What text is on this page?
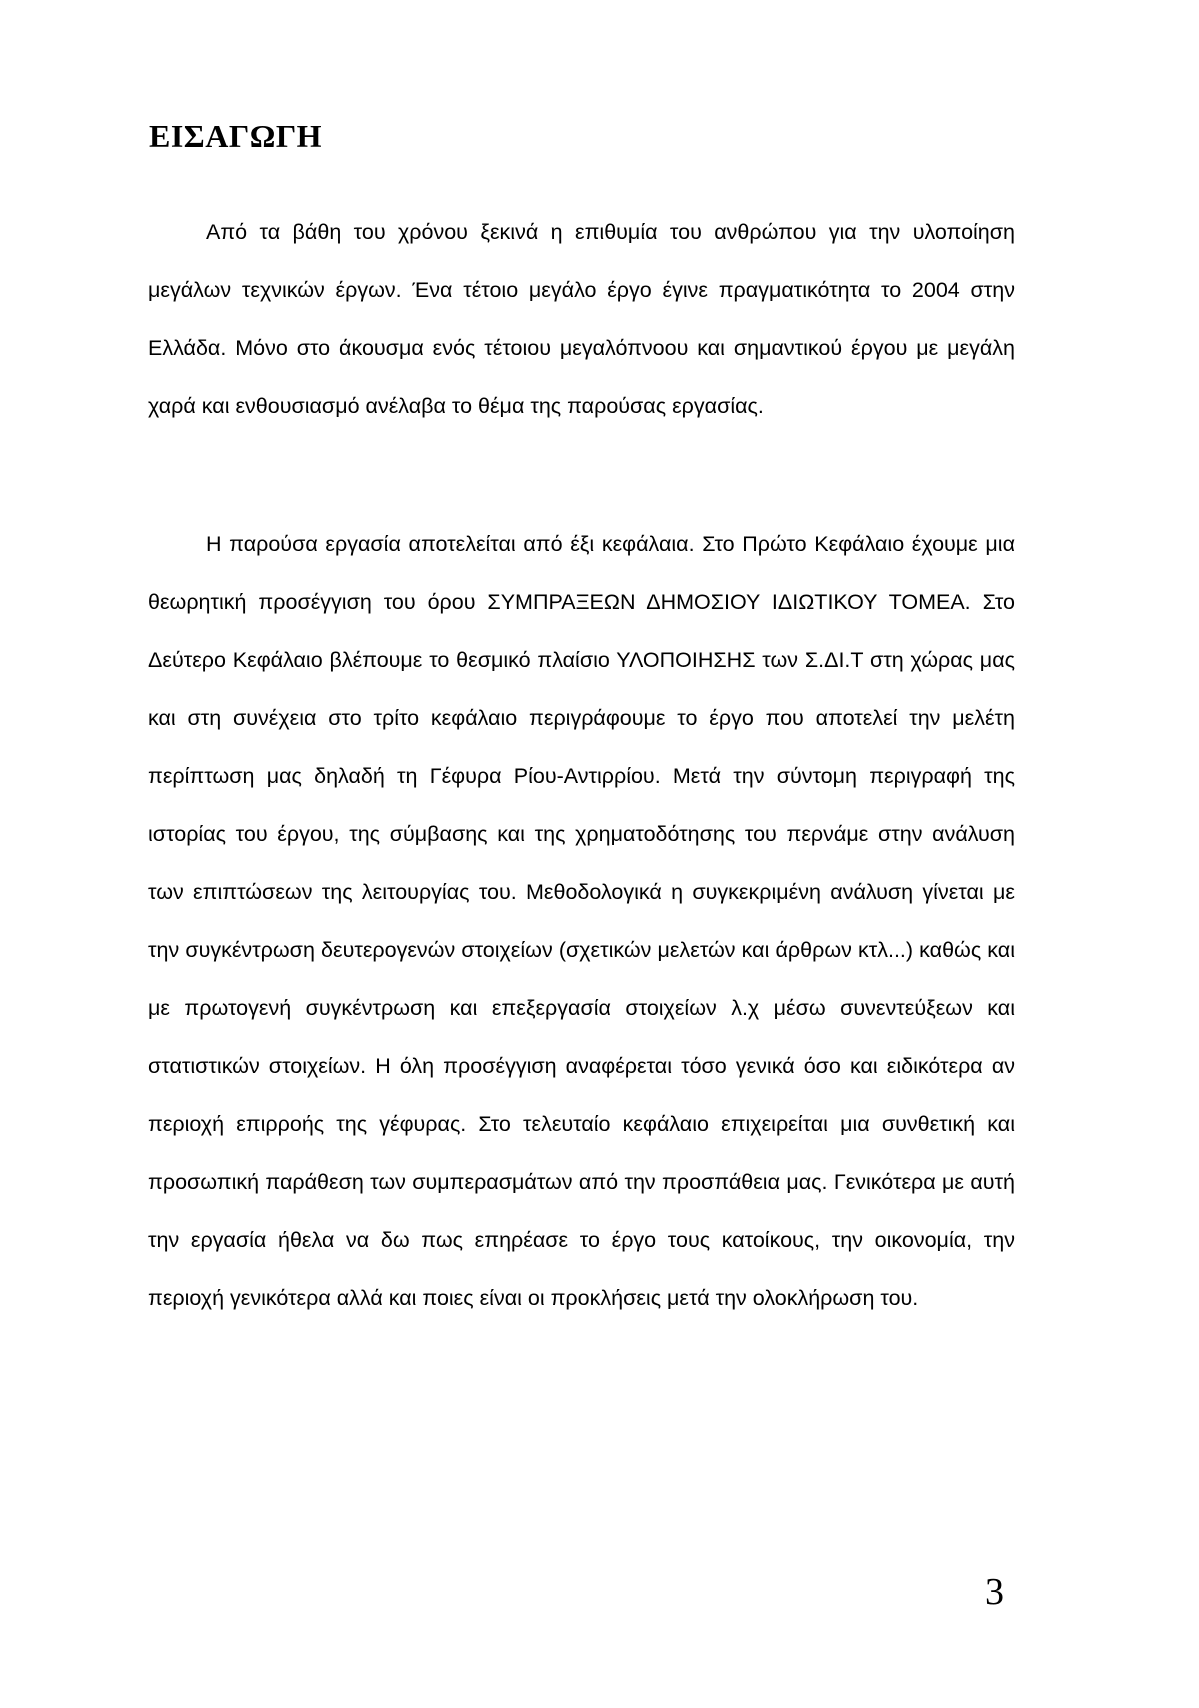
ΕΙΣΑΓΩΓΗ

Από τα βάθη του χρόνου ξεκινά η επιθυμία του ανθρώπου για την υλοποίηση μεγάλων τεχνικών έργων. Ένα τέτοιο μεγάλο έργο έγινε πραγματικότητα το 2004 στην Ελλάδα. Μόνο στο άκουσμα ενός τέτοιου μεγαλόπνοου και σημαντικού έργου με μεγάλη χαρά και ενθουσιασμό ανέλαβα το θέμα της παρούσας εργασίας.

Η παρούσα εργασία αποτελείται από έξι κεφάλαια. Στο Πρώτο Κεφάλαιο έχουμε μια θεωρητική προσέγγιση του όρου ΣΥΜΠΡΑΞΕΩΝ ΔΗΜΟΣΙΟΥ ΙΔΙΩΤΙΚΟΥ ΤΟΜΕΑ. Στο Δεύτερο Κεφάλαιο βλέπουμε το θεσμικό πλαίσιο ΥΛΟΠΟΙΗΣΗΣ των Σ.ΔΙ.Τ στη χώρας μας και στη συνέχεια στο τρίτο κεφάλαιο περιγράφουμε το έργο που αποτελεί την μελέτη περίπτωση μας δηλαδή τη Γέφυρα Ρίου-Αντιρρίου. Μετά την σύντομη περιγραφή της ιστορίας του έργου, της σύμβασης και της χρηματοδότησης του περνάμε στην ανάλυση των επιπτώσεων της λειτουργίας του. Μεθοδολογικά η συγκεκριμένη ανάλυση γίνεται με την συγκέντρωση δευτερογενών στοιχείων (σχετικών μελετών και άρθρων κτλ...) καθώς και με πρωτογενή συγκέντρωση και επεξεργασία στοιχείων λ.χ μέσω συνεντεύξεων και στατιστικών στοιχείων. Η όλη προσέγγιση αναφέρεται τόσο γενικά όσο και ειδικότερα αν περιοχή επιρροής της γέφυρας. Στο τελευταίο κεφάλαιο επιχειρείται μια συνθετική και προσωπική παράθεση των συμπερασμάτων από την προσπάθεια μας. Γενικότερα με αυτή την εργασία ήθελα να δω πως επηρέασε το έργο τους κατοίκους, την οικονομία, την περιοχή γενικότερα αλλά και ποιες είναι οι προκλήσεις μετά την ολοκλήρωση του.

3
